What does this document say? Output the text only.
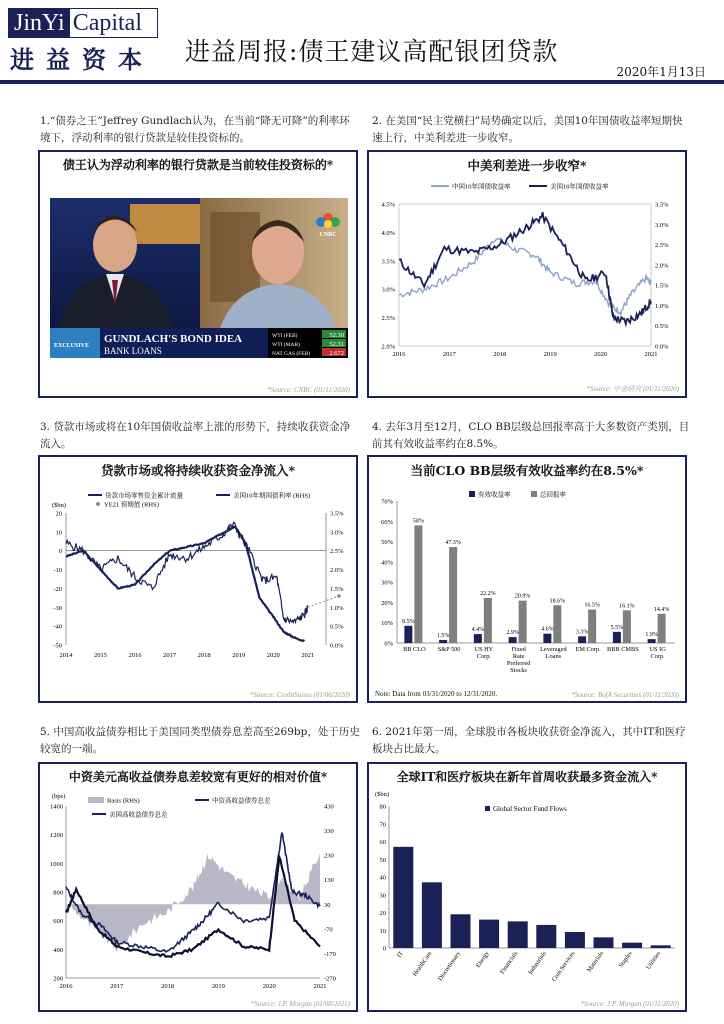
JinYi Capital
进益资本 进益周报:债王建议高配银团贷款
2020年1月13日
1.“债券之王”Jeffrey Gundlach认为，在当前“降无可降”的利率环境下，浮动利率的银行贷款是较佳投资标的。
2. 在美国“民主党横扫”局势确定以后，美国10年国债收益率短期快速上行，中美利差进一步收窄。
3. 贷款市场或将在10年国债收益率上涨的形势下，持续收获资金净流入。
4. 去年3月至12月，CLO BB层级总回报率高于大多数资产类别，目前其有效收益率约在8.5%。
5. 中国高收益债券相比于美国同类型债券息差高至269bp，处于历史较宽的一端。
6. 2021年第一周，全球股市各板块收获资金净流入，其中IT和医疗板块占比最大。
债王认为浮动利率的银行贷款是当前较佳投资标的*
CNBC
EXCLUSIVE
GUNDLACH'S BOND IDEA
BANK LOANS
WTI (FEB)
WTI (MAR)
NAT GAS (FEB)
52.30
52.31
2.672
*Source: CNBC (01/11/2020)
中美利差进一步收窄*
4.5%
4.0%
3.5%
3.0%
2.5%
2.0%
3.5%
3.0%
2.5%
2.0%
1.5%
1.0%
0.5%
0.0%
2016	2017	2018	2019	2020	2021
中国10年国债收益率	美国10年国债收益率
*Source: 中金研究 (01/11/2020)
贷款市场或将持续收获资金净流入*
20
10
0
-10
-20
-30
-40
-50
3.5%
3.0%
2.5%
2.0%
1.5%
1.0%
0.5%
0.0%
2014	2015	2016	2017	2018	2019	2020	2021
($bn)
贷款市场零售资金累计流量	美国10年期国债利率 (RHS)
YE21 预期值 (RHS)
*Source: CreditSuisse (01/06/2020)
当前CLO BB层级有效收益率约在8.5%*
70%
60%
50%
40%
30%
20%
10%
0%
有效收益率	总回报率
8.5%
58%
BB CLO
1.5%
47.3%
S&P 500
4.4%
22.2%
US HY Corp.
2.9%
20.9%
Fixed Rate Preferred Stocks
4.6%
18.6%
Leveraged Loans
3.3%
16.5%
EM Corp.
5.5%
16.1%
BBB CMBS
1.9%
14.4%
US IG Corp.
Note: Data from 03/31/2020 to 12/31/2020.	*Source: BofA Securities (01/11/2020)
中资美元高收益债券息差较宽有更好的相对价值*
1400
1200
1000
800
600
400
200
430
330
230
130
30
-70
-170
-270
2016	2017	2018	2019	2020	2021
(bps)
Basis (RHS)	中资高收益债券息差
美国高收益债券息差
*Source: J.P. Morgan (01/08/2021)
全球IT和医疗板块在新年首周收获最多资金流入*
80
70
60
50
40
30
20
10
0
($bn)
Global Sector Fund Flows
IT HealthCare Discretionary Energy Financials Industrials Com.Services Materials Staples Utilities
*Source: J.P. Morgan (01/11/2020)
